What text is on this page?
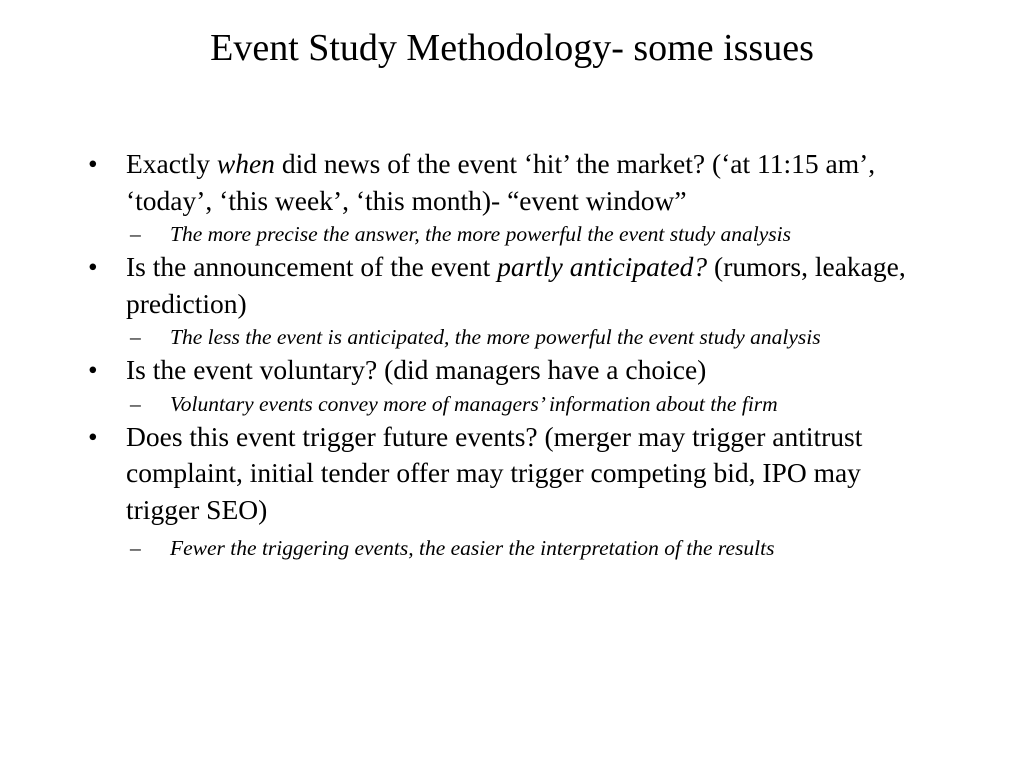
Event Study Methodology- some issues
• Exactly when did news of the event ‘hit’ the market? (‘at 11:15 am’, ‘today’, ‘this week’, ‘this month)- “event window”
– The more precise the answer, the more powerful the event study analysis
• Is the announcement of the event partly anticipated? (rumors, leakage, prediction)
– The less the event is anticipated, the more powerful the event study analysis
• Is the event voluntary? (did managers have a choice)
– Voluntary events convey more of managers’ information about the firm
• Does this event trigger future events? (merger may trigger antitrust complaint, initial tender offer may trigger competing bid, IPO may trigger SEO)
– Fewer the triggering events, the easier the interpretation of the results
